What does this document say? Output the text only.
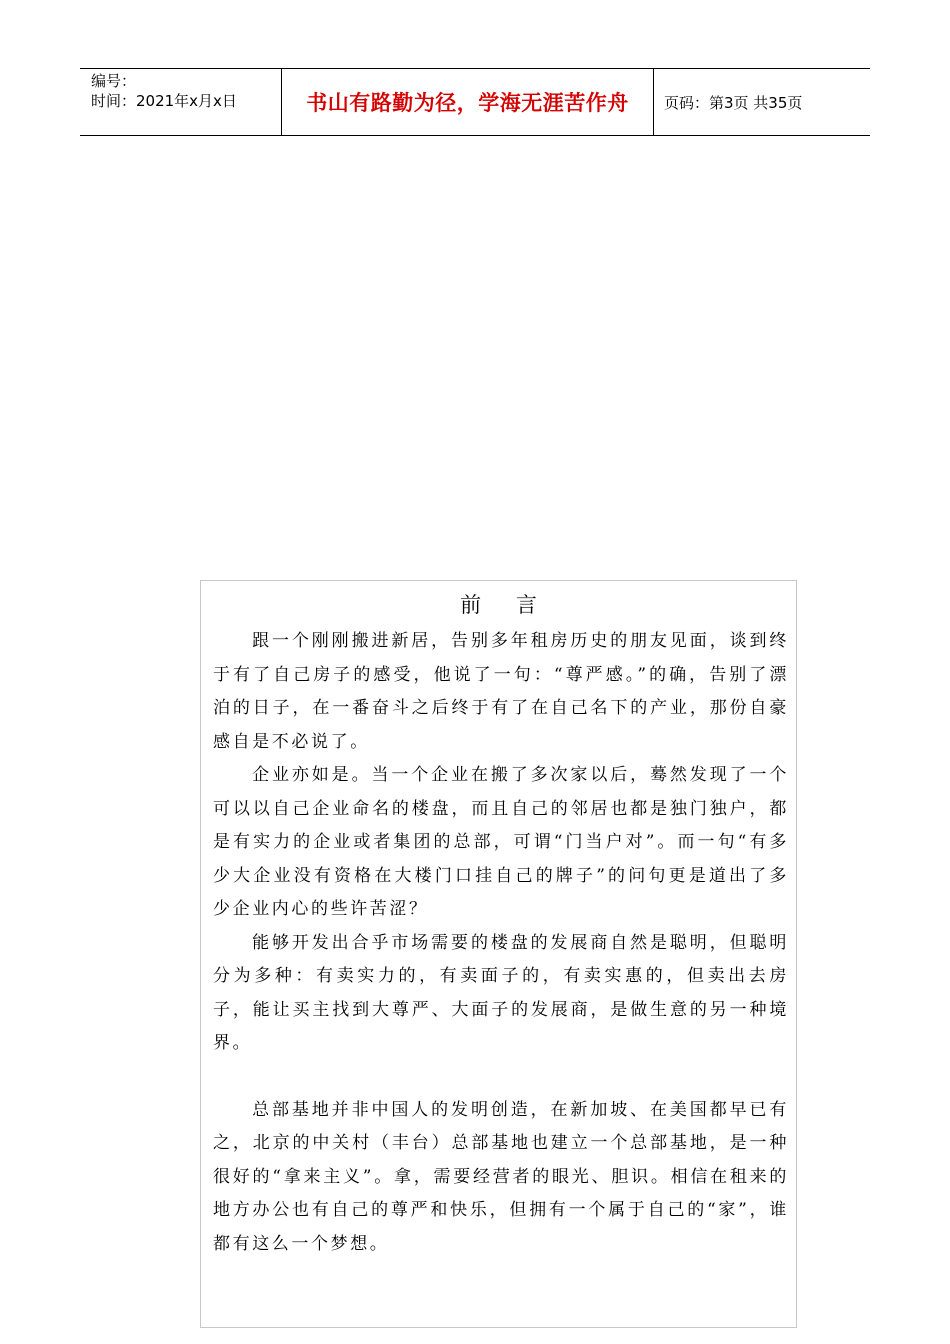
编号：
时间：2021年x月x日	书山有路勤为径，学海无涯苦作舟 页码：第3页 共35页
前 言

跟一个刚刚搬进新居，告别多年租房历史的朋友见面，谈到终于有了自己房子的感受，他说了一句：“尊严感。”的确，告别了漂泊的日子，在一番奋斗之后终于有了在自己名下的产业，那份自豪感自是不必说了。

企业亦如是。当一个企业在搬了多次家以后，蓦然发现了一个可以以自己企业命名的楼盘，而且自己的邻居也都是独门独户，都是有实力的企业或者集团的总部，可谓“门当户对”。而一句“有多少大企业没有资格在大楼门口挂自己的牌子”的问句更是道出了多少企业内心的些许苦涩？

能够开发出合乎市场需要的楼盘的发展商自然是聪明，但聪明分为多种：有卖实力的，有卖面子的，有卖实惠的，但卖出去房子，能让买主找到大尊严、大面子的发展商，是做生意的另一种境界。

总部基地并非中国人的发明创造，在新加坡、在美国都早已有之，北京的中关村（丰台）总部基地也建立一个总部基地，是一种很好的“拿来主义”。拿，需要经营者的眼光、胆识。相信在租来的地方办公也有自己的尊严和快乐，但拥有一个属于自己的“家”，谁都有这么一个梦想。
